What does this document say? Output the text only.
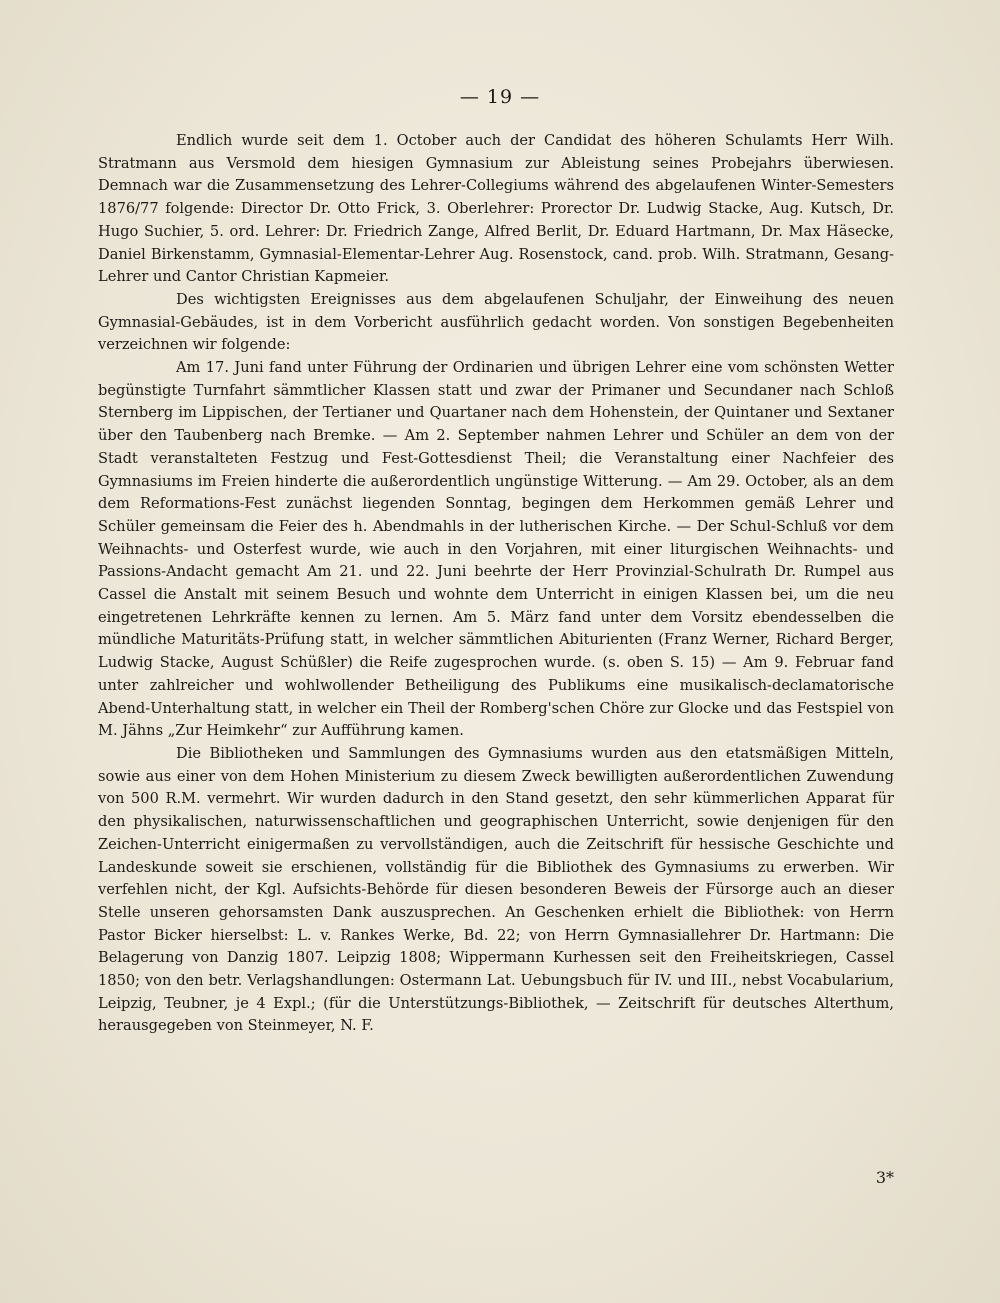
— 19 —

Endlich wurde seit dem 1. October auch der Candidat des höheren Schulamts Herr Wilh. Stratmann aus Versmold dem hiesigen Gymnasium zur Ableistung seines Probejahrs überwiesen. Demnach war die Zusammensetzung des Lehrer-Collegiums während des abgelaufenen Winter-Semesters 1876/77 folgende: Director Dr. Otto Frick, 3. Oberlehrer: Prorector Dr. Ludwig Stacke, Aug. Kutsch, Dr. Hugo Suchier, 5. ord. Lehrer: Dr. Friedrich Zange, Alfred Berlit, Dr. Eduard Hartmann, Dr. Max Häsecke, Daniel Birkenstamm, Gymnasial-Elementar-Lehrer Aug. Rosenstock, cand. prob. Wilh. Stratmann, Gesang-Lehrer und Cantor Christian Kapmeier.

Des wichtigsten Ereignisses aus dem abgelaufenen Schuljahr, der Einweihung des neuen Gymnasial-Gebäudes, ist in dem Vorbericht ausführlich gedacht worden. Von sonstigen Begebenheiten verzeichnen wir folgende:

Am 17. Juni fand unter Führung der Ordinarien und übrigen Lehrer eine vom schönsten Wetter begünstigte Turnfahrt sämmtlicher Klassen statt und zwar der Primaner und Secundaner nach Schloß Sternberg im Lippischen, der Tertianer und Quartaner nach dem Hohenstein, der Quintaner und Sextaner über den Taubenberg nach Bremke. — Am 2. September nahmen Lehrer und Schüler an dem von der Stadt veranstalteten Festzug und Fest-Gottesdienst Theil; die Veranstaltung einer Nachfeier des Gymnasiums im Freien hinderte die außerordentlich ungünstige Witterung. — Am 29. October, als an dem dem Reformations-Fest zunächst liegenden Sonntag, begingen dem Herkommen gemäß Lehrer und Schüler gemeinsam die Feier des h. Abendmahls in der lutherischen Kirche. — Der Schul-Schluß vor dem Weihnachts- und Osterfest wurde, wie auch in den Vorjahren, mit einer liturgischen Weihnachts- und Passions-Andacht gemacht Am 21. und 22. Juni beehrte der Herr Provinzial-Schulrath Dr. Rumpel aus Cassel die Anstalt mit seinem Besuch und wohnte dem Unterricht in einigen Klassen bei, um die neu eingetretenen Lehrkräfte kennen zu lernen. Am 5. März fand unter dem Vorsitz ebendesselben die mündliche Maturitäts-Prüfung statt, in welcher sämmtlichen Abiturienten (Franz Werner, Richard Berger, Ludwig Stacke, August Schüßler) die Reife zugesprochen wurde. (s. oben S. 15) — Am 9. Februar fand unter zahlreicher und wohlwollender Betheiligung des Publikums eine musikalisch-declamatorische Abend-Unterhaltung statt, in welcher ein Theil der Romberg'schen Chöre zur Glocke und das Festspiel von M. Jähns „Zur Heimkehr“ zur Aufführung kamen.

Die Bibliotheken und Sammlungen des Gymnasiums wurden aus den etatsmäßigen Mitteln, sowie aus einer von dem Hohen Ministerium zu diesem Zweck bewilligten außerordentlichen Zuwendung von 500 R.M. vermehrt. Wir wurden dadurch in den Stand gesetzt, den sehr kümmerlichen Apparat für den physikalischen, naturwissenschaftlichen und geographischen Unterricht, sowie denjenigen für den Zeichen-Unterricht einigermaßen zu vervollständigen, auch die Zeitschrift für hessische Geschichte und Landeskunde soweit sie erschienen, vollständig für die Bibliothek des Gymnasiums zu erwerben. Wir verfehlen nicht, der Kgl. Aufsichts-Behörde für diesen besonderen Beweis der Fürsorge auch an dieser Stelle unseren gehorsamsten Dank auszusprechen. An Geschenken erhielt die Bibliothek: von Herrn Pastor Bicker hierselbst: L. v. Rankes Werke, Bd. 22; von Herrn Gymnasiallehrer Dr. Hartmann: Die Belagerung von Danzig 1807. Leipzig 1808; Wippermann Kurhessen seit den Freiheitskriegen, Cassel 1850; von den betr. Verlagshandlungen: Ostermann Lat. Uebungsbuch für IV. und III., nebst Vocabularium, Leipzig, Teubner, je 4 Expl.; (für die Unterstützungs-Bibliothek, — Zeitschrift für deutsches Alterthum, herausgegeben von Steinmeyer, N. F.

3*
